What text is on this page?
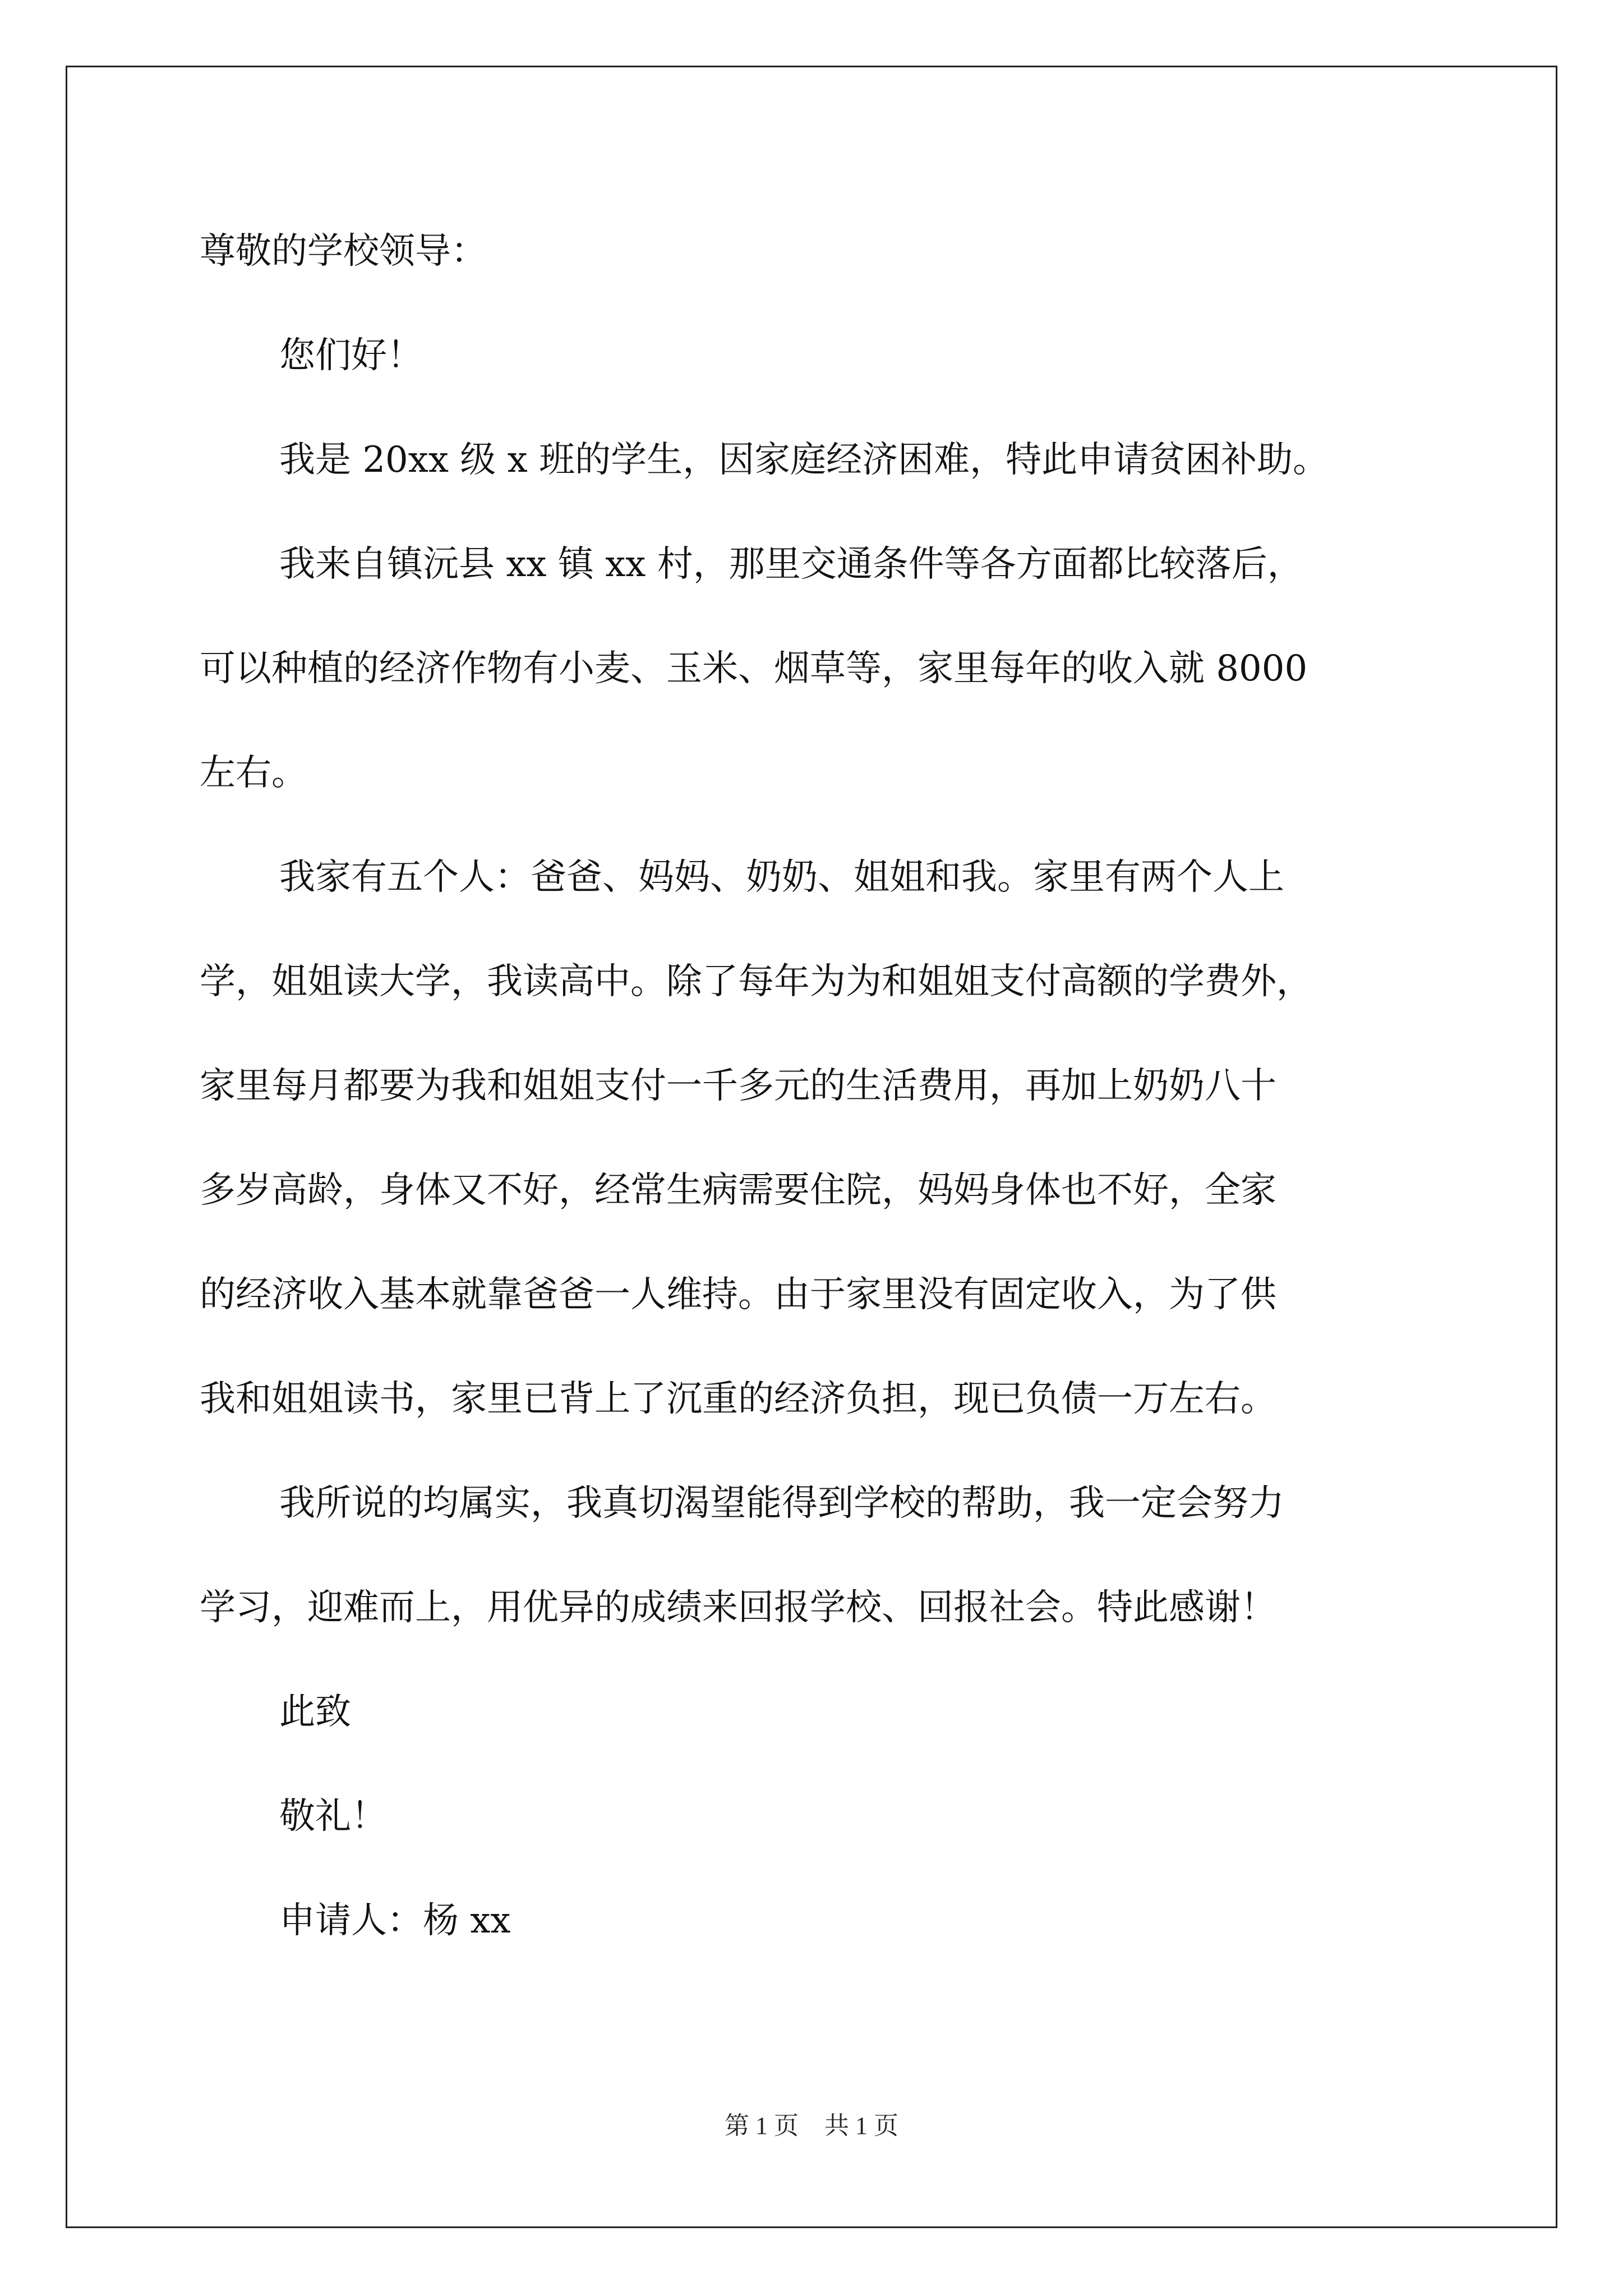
尊敬的学校领导：
您们好！
我是 20xx 级 x 班的学生，因家庭经济困难，特此申请贫困补助。
我来自镇沅县 xx 镇 xx 村，那里交通条件等各方面都比较落后，
可以种植的经济作物有小麦、玉米、烟草等，家里每年的收入就 8000
左右。
我家有五个人：爸爸、妈妈、奶奶、姐姐和我。家里有两个人上
学，姐姐读大学，我读高中。除了每年为为和姐姐支付高额的学费外，
家里每月都要为我和姐姐支付一千多元的生活费用，再加上奶奶八十
多岁高龄，身体又不好，经常生病需要住院，妈妈身体也不好，全家
的经济收入基本就靠爸爸一人维持。由于家里没有固定收入，为了供
我和姐姐读书，家里已背上了沉重的经济负担，现已负债一万左右。
我所说的均属实，我真切渴望能得到学校的帮助，我一定会努力
学习，迎难而上，用优异的成绩来回报学校、回报社会。特此感谢！
此致
敬礼！
申请人：杨 xx
第 1 页 共 1 页
